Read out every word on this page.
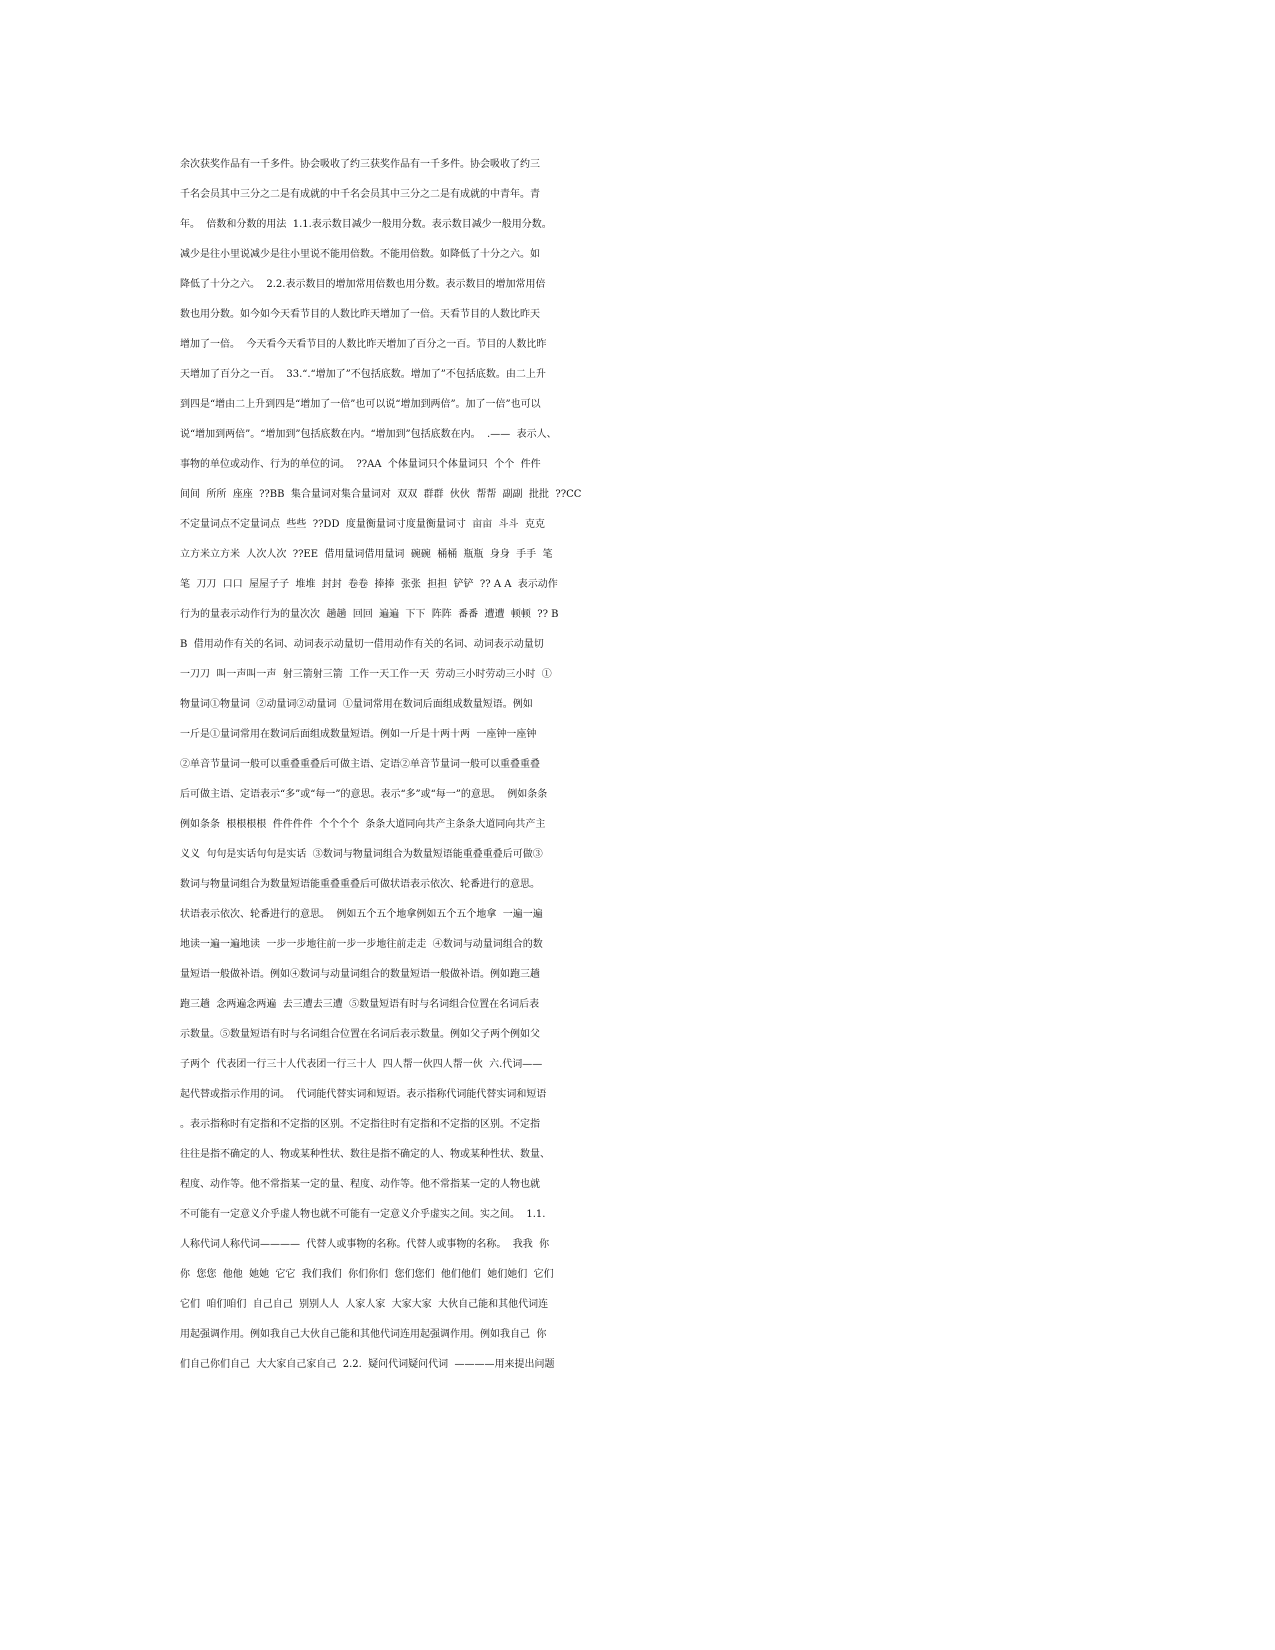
余次获奖作品有一千多件。协会吸收了约三获奖作品有一千多件。协会吸收了约三
千名会员其中三分之二是有成就的中千名会员其中三分之二是有成就的中青年。青
年。  倍数和分数的用法  1.1.表示数目减少一般用分数。表示数目减少一般用分数。
减少是往小里说减少是往小里说不能用倍数。不能用倍数。如降低了十分之六。如
降低了十分之六。  2.2.表示数目的增加常用倍数也用分数。表示数目的增加常用倍
数也用分数。如今如今天看节目的人数比昨天增加了一倍。天看节目的人数比昨天
增加了一倍。  今天看今天看节目的人数比昨天增加了百分之一百。节目的人数比昨
天增加了百分之一百。  33.“.“增加了”不包括底数。增加了”不包括底数。由二上升
到四是“增由二上升到四是“增加了一倍”也可以说“增加到两倍”。加了一倍”也可以
说“增加到两倍”。“增加到”包括底数在内。“增加到”包括底数在内。  .——  表示人、
事物的单位或动作、行为的单位的词。  ??AA  个体量词只个体量词只  个个  件件
间间  所所  座座  ??BB  集合量词对集合量词对  双双  群群  伙伙  帮帮  副副  批批  ??CC
不定量词点不定量词点  些些  ??DD  度量衡量词寸度量衡量词寸  亩亩  斗斗  克克
立方米立方米  人次人次  ??EE  借用量词借用量词  碗碗  桶桶  瓶瓶  身身  手手  笔
笔  刀刀  口口  屋屋子子  堆堆  封封  卷卷  捧捧  张张  担担  铲铲  ?? A A  表示动作
行为的量表示动作行为的量次次  趟趟  回回  遍遍  下下  阵阵  番番  遭遭  顿顿  ?? B
B  借用动作有关的名词、动词表示动量切一借用动作有关的名词、动词表示动量切
一刀刀  叫一声叫一声  射三箭射三箭  工作一天工作一天  劳动三小时劳动三小时  ①
物量词①物量词  ②动量词②动量词  ①量词常用在数词后面组成数量短语。例如
一斤是①量词常用在数词后面组成数量短语。例如一斤是十两十两  一座钟一座钟
②单音节量词一般可以重叠重叠后可做主语、定语②单音节量词一般可以重叠重叠
后可做主语、定语表示“多”或“每一”的意思。表示“多”或“每一”的意思。  例如条条
例如条条  根根根根  件件件件  个个个个  条条大道同向共产主条条大道同向共产主
义义  句句是实话句句是实话  ③数词与物量词组合为数量短语能重叠重叠后可做③
数词与物量词组合为数量短语能重叠重叠后可做状语表示依次、轮番进行的意思。
状语表示依次、轮番进行的意思。  例如五个五个地拿例如五个五个地拿  一遍一遍
地读一遍一遍地读  一步一步地往前一步一步地往前走走  ④数词与动量词组合的数
量短语一般做补语。例如④数词与动量词组合的数量短语一般做补语。例如跑三趟
跑三趟  念两遍念两遍  去三遭去三遭  ⑤数量短语有时与名词组合位置在名词后表
示数量。⑤数量短语有时与名词组合位置在名词后表示数量。例如父子两个例如父
子两个  代表团一行三十人代表团一行三十人  四人帮一伙四人帮一伙  六.代词——
起代替或指示作用的词。  代词能代替实词和短语。表示指称代词能代替实词和短语
。表示指称时有定指和不定指的区别。不定指往时有定指和不定指的区别。不定指
往往是指不确定的人、物或某种性状、数往是指不确定的人、物或某种性状、数量、
程度、动作等。他不常指某一定的量、程度、动作等。他不常指某一定的人物也就
不可能有一定意义介乎虚人物也就不可能有一定意义介乎虚实之间。实之间。  1.1.
人称代词人称代词————  代替人或事物的名称。代替人或事物的名称。  我我  你
你  您您  他他  她她  它它  我们我们  你们你们  您们您们  他们他们  她们她们  它们
它们  咱们咱们  自己自己  别别人人  人家人家  大家大家  大伙自己能和其他代词连
用起强调作用。例如我自己大伙自己能和其他代词连用起强调作用。例如我自己  你
们自己你们自己  大大家自己家自己  2.2.  疑问代词疑问代词  ————用来提出问题
